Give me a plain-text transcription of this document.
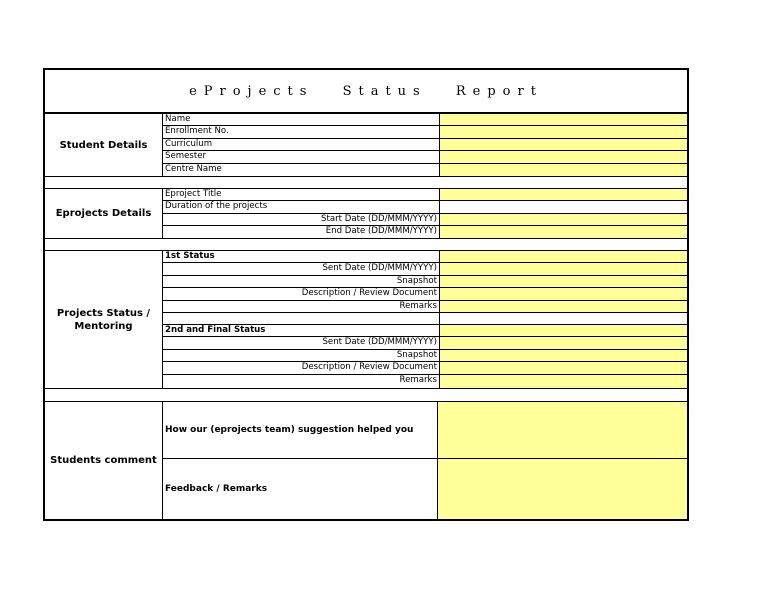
eProjects Status Report
Student Details
Name
Enrollment No.
Curriculum
Semester
Centre Name
Eprojects Details
Eproject Title
Duration of the projects
Start Date (DD/MMM/YYYY)
End Date (DD/MMM/YYYY)
Projects Status / Mentoring
1st Status
Sent Date (DD/MMM/YYYY)
Snapshot
Description / Review Document
Remarks
2nd and Final Status
Sent Date (DD/MMM/YYYY)
Snapshot
Description / Review Document
Remarks
Students comment
How our (eprojects team) suggestion helped you
Feedback / Remarks
